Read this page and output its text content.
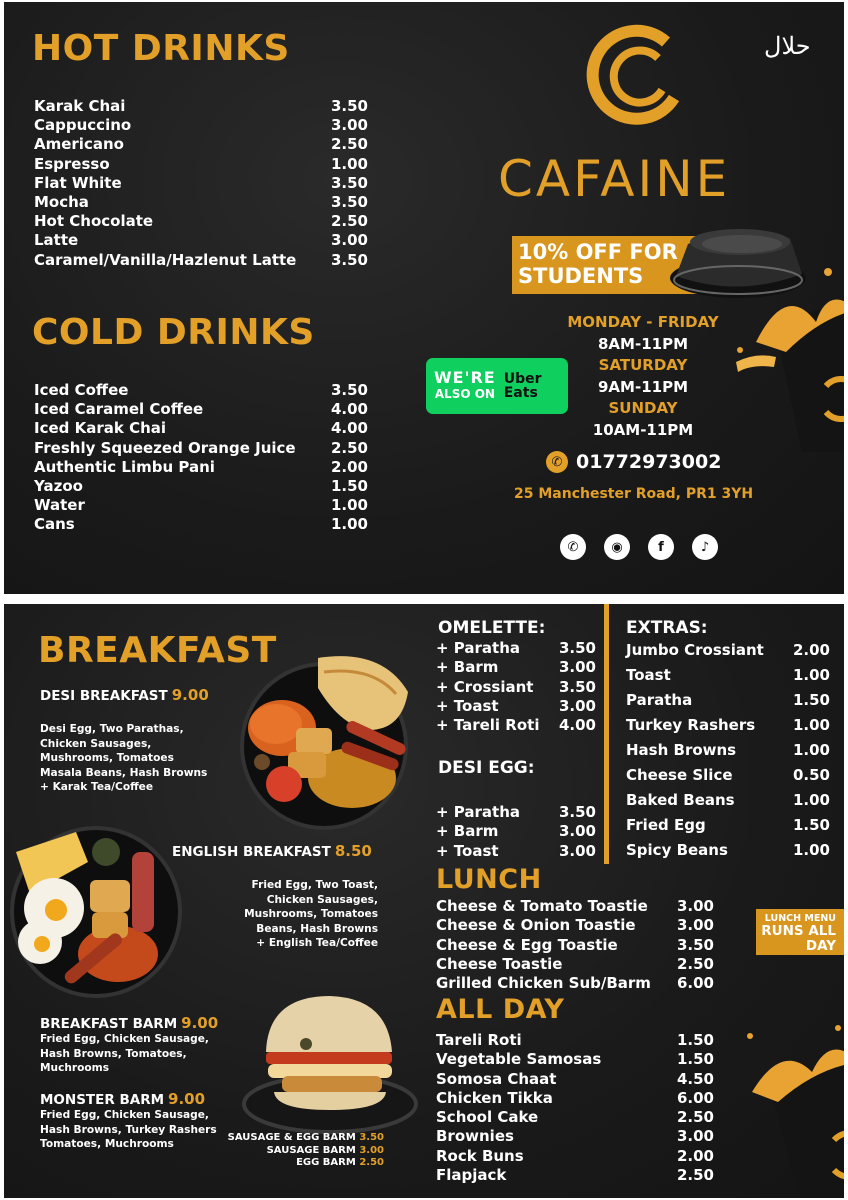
HOT DRINKS
Karak Chai	3.50
Cappuccino	3.00
Americano	2.50
Espresso	1.00
Flat White	3.50
Mocha	3.50
Hot Chocolate	2.50
Latte	3.00
Caramel/Vanilla/Hazlenut Latte 3.50
COLD DRINKS
Iced Coffee	3.50
Iced Caramel Coffee	4.00
Iced Karak Chai	4.00
Freshly Squeezed Orange Juice 2.50
Authentic Limbu Pani	2.00
Yazoo	1.50
Water	1.00
Cans	1.00
حلال
CAFAINE
10% OFF FOR
STUDENTS
MONDAY - FRIDAY
8AM-11PM
SATURDAY
9AM-11PM
SUNDAY
10AM-11PM
WE'RE
ALSO ON
Uber
Eats
✆ 01772973002
25 Manchester Road, PR1 3YH
✆	◉	f	♪
BREAKFAST
DESI BREAKFAST 9.00
Desi Egg, Two Parathas,
Chicken Sausages,
Mushrooms, Tomatoes
Masala Beans, Hash Browns
+ Karak Tea/Coffee
ENGLISH BREAKFAST 8.50
Fried Egg, Two Toast,
Chicken Sausages,
Mushrooms, Tomatoes
Beans, Hash Browns
+ English Tea/Coffee
BREAKFAST BARM 9.00
Fried Egg, Chicken Sausage,
Hash Browns, Tomatoes,
Muchrooms
MONSTER BARM 9.00
Fried Egg, Chicken Sausage,
Hash Browns, Turkey Rashers
Tomatoes, Muchrooms
SAUSAGE & EGG BARM 3.50
SAUSAGE BARM 3.00
EGG BARM 2.50
OMELETTE:
+ Paratha	3.50
+ Barm	3.00
+ Crossiant 3.50
+ Toast	3.00
+ Tareli Roti 4.00
DESI EGG:
+ Paratha	3.50
+ Barm	3.00
+ Toast	3.00
EXTRAS:
Jumbo Crossiant 2.00
Toast	1.00
Paratha	1.50
Turkey Rashers	1.00
Hash Browns	1.00
Cheese Slice	0.50
Baked Beans	1.00
Fried Egg	1.50
Spicy Beans	1.00
LUNCH
Cheese & Tomato Toastie 3.00
Cheese & Onion Toastie	3.00
Cheese & Egg Toastie	3.50
Cheese Toastie	2.50
Grilled Chicken Sub/Barm 6.00
LUNCH MENU
RUNS ALL
DAY
ALL DAY
Tareli Roti	1.50
Vegetable Samosas	1.50
Somosa Chaat	4.50
Chicken Tikka	6.00
School Cake	2.50
Brownies	3.00
Rock Buns	2.00
Flapjack	2.50
